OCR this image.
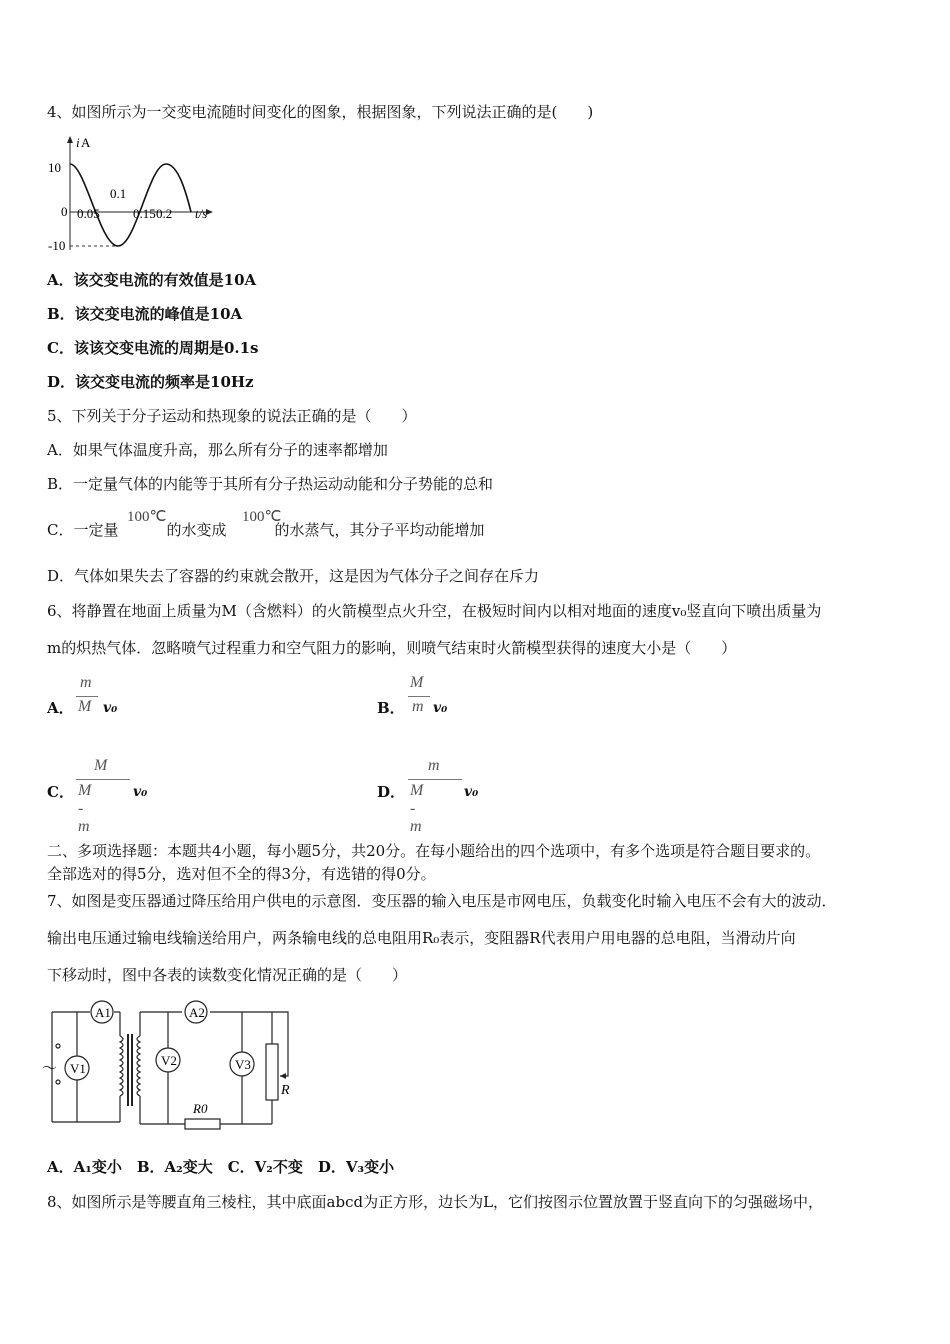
4、如图所示为一交变电流随时间变化的图象，根据图象，下列说法正确的是(　　)
i A
10
-10
0 0.05
0.1
0.15 0.2 t/s
A．该交变电流的有效值是10A
B．该交变电流的峰值是10A
C．该该交变电流的周期是0.1s
D．该交变电流的频率是10Hz
5、下列关于分子运动和热现象的说法正确的是（　　）
A．如果气体温度升高，那么所有分子的速率都增加
B．一定量气体的内能等于其所有分子热运动动能和分子势能的总和
C．一定量	的水变成	的水蒸气，其分子平均动能增加
100℃	100℃
D．气体如果失去了容器的约束就会散开，这是因为气体分子之间存在斥力
6、将静置在地面上质量为M（含燃料）的火箭模型点火升空，在极短时间内以相对地面的速度v₀竖直向下喷出质量为
m的炽热气体．忽略喷气过程重力和空气阻力的影响，则喷气结束时火箭模型获得的速度大小是（　　）
A．
m
M v₀	B．
M
m v₀
C．
M
M - m
v₀	D．
m
M - m
v₀
二、多项选择题：本题共4小题，每小题5分，共20分。在每小题给出的四个选项中，有多个选项是符合题目要求的。
全部选对的得5分，选对但不全的得3分，有选错的得0分。
7、如图是变压器通过降压给用户供电的示意图．变压器的输入电压是市网电压，负载变化时输入电压不会有大的波动．
输出电压通过输电线输送给用户，两条输电线的总电阻用R₀表示，变阻器R代表用户用电器的总电阻，当滑动片向
下移动时，图中各表的读数变化情况正确的是（　　）
A1	A2
V1
V2	V3
～
R0
R
A．A₁变小　B．A₂变大　C．V₂不变　D．V₃变小
8、如图所示是等腰直角三棱柱，其中底面abcd为正方形，边长为L，它们按图示位置放置于竖直向下的匀强磁场中，
